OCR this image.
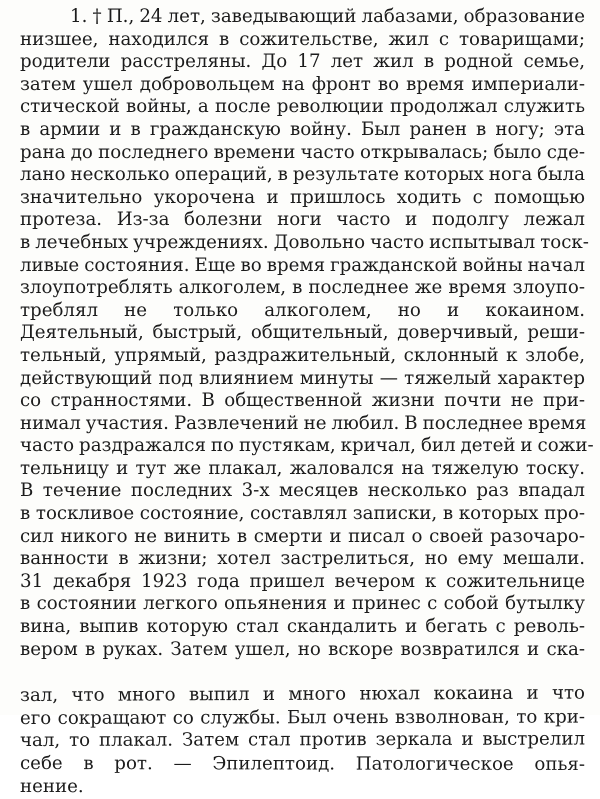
1. † П., 24 лет, заведывающий лабазами, образование
низшее, находился в сожительстве, жил с товарищами;
родители расстреляны. До 17 лет жил в родной семье,
затем ушел добровольцем на фронт во время империали-
стической войны, а после революции продолжал служить
в армии и в гражданскую войну. Был ранен в ногу; эта
рана до последнего времени часто открывалась; было сде-
лано несколько операций, в результате которых нога была
значительно укорочена и пришлось ходить с помощью
протеза. Из-за болезни ноги часто и подолгу лежал
в лечебных учреждениях. Довольно часто испытывал тоск-
ливые состояния. Еще во время гражданской войны начал
злоупотреблять алкоголем, в последнее же время злоупо-
треблял не только алкоголем, но и кокаином.
Деятельный, быстрый, общительный, доверчивый, реши-
тельный, упрямый, раздражительный, склонный к злобе,
действующий под влиянием минуты — тяжелый характер
со странностями. В общественной жизни почти не при-
нимал участия. Развлечений не любил. В последнее время
часто раздражался по пустякам, кричал, бил детей и сожи-
тельницу и тут же плакал, жаловался на тяжелую тоску.
В течение последних 3-х месяцев несколько раз впадал
в тоскливое состояние, составлял записки, в которых про-
сил никого не винить в смерти и писал о своей разочаро-
ванности в жизни; хотел застрелиться, но ему мешали.
31 декабря 1923 года пришел вечером к сожительнице
в состоянии легкого опьянения и принес с собой бутылку
вина, выпив которую стал скандалить и бегать с револь-
вером в руках. Затем ушел, но вскоре возвратился и ска-
зал, что много выпил и много нюхал кокаина и что
его сокращают со службы. Был очень взволнован, то кри-
чал, то плакал. Затем стал против зеркала и выстрелил
себе в рот. — Эпилептоид. Патологическое опья-
нение.
